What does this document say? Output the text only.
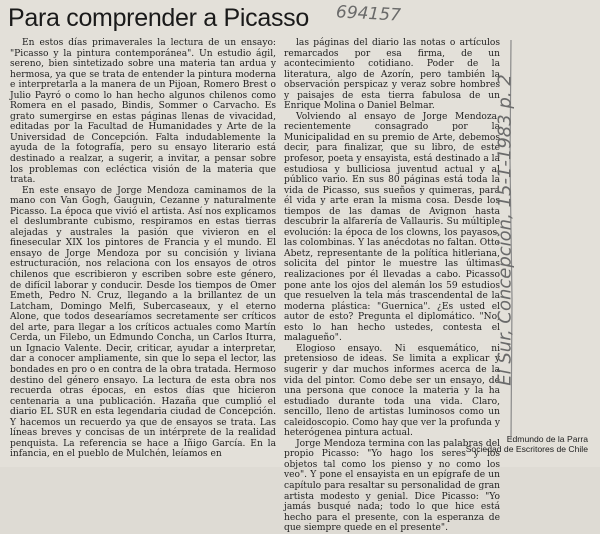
Para comprender a Picasso 694157

En estos días primaverales la lectura de un ensayo: "Picasso y la pintura contemporánea". Un estudio ágil, sereno, bien sintetizado sobre una materia tan ardua y hermosa, ya que se trata de entender la pintura moderna e interpretarla a la manera de un Pijoan, Romero Brest o Julio Payró o como lo han hecho algunos chilenos como Romera en el pasado, Bindis, Sommer o Carvacho. Es grato sumergirse en estas páginas llenas de vivacidad, editadas por la Facultad de Humanidades y Arte de la Universidad de Concepción. Falta indudablemente la ayuda de la fotografía, pero su ensayo literario está destinado a realzar, a sugerir, a invitar, a pensar sobre los problemas con ecléctica visión de la materia que trata.

En este ensayo de Jorge Mendoza caminamos de la mano con Van Gogh, Gauguin, Cezanne y naturalmente Picasso. La época que vivió el artista. Así nos explicamos el deslumbrante cubismo, respiramos en estas tierras alejadas y australes la pasión que vivieron en el finesecular XIX los pintores de Francia y el mundo. El ensayo de Jorge Mendoza por su concisión y liviana estructuración, nos relaciona con los ensayos de otros chilenos que escribieron y escriben sobre este género, de difícil laborar y conducir. Desde los tiempos de Omer Emeth, Pedro N. Cruz, llegando a la brillantez de un Latcham, Domingo Melfi, Subercaseaux, y el eterno Alone, que todos desearíamos secretamente ser críticos del arte, para llegar a los críticos actuales como Martín Cerda, un Filebo, un Edmundo Concha, un Carlos Iturra, un Ignacio Valente. Decir, criticar, ayudar a interpretar, dar a conocer ampliamente, sin que lo sepa el lector, las bondades en pro o en contra de la obra tratada. Hermoso destino del género ensayo. La lectura de esta obra nos recuerda otras épocas, en estos días que hicieron centenaria a una publicación. Hazaña que cumplió el diario EL SUR en esta legendaria ciudad de Concepción. Y hacemos un recuerdo ya que de ensayos se trata. Las líneas breves y concisas de un intérprete de la realidad penquista. La referencia se hace a Iñigo García. En la infancia, en el pueblo de Mulchén, leíamos en

las páginas del diario las notas o artículos remarcados por esa firma, de un acontecimiento cotidiano. Poder de la literatura, algo de Azorín, pero también la observación perspicaz y veraz sobre hombres y paisajes de esta tierra fabulosa de un Enrique Molina o Daniel Belmar.

Volviendo al ensayo de Jorge Mendoza, recientemente consagrado por la Municipalidad en su premio de Arte, debemos decir, para finalizar, que su libro, de este profesor, poeta y ensayista, está destinado a la estudiosa y bulliciosa juventud actual y al público vario. En sus 80 páginas está toda la vida de Picasso, sus sueños y quimeras, para él vida y arte eran la misma cosa. Desde los tiempos de las damas de Avignon hasta descubrir la alfarería de Vallauris. Su múltiple evolución: la época de los clowns, los payasos, las colombinas. Y las anécdotas no faltan. Otto Abetz, representante de la política hitleriana, solicita del pintor le muestre las últimas realizaciones por él llevadas a cabo. Picasso pone ante los ojos del alemán los 59 estudios que resuelven la tela más trascendental de la moderna plástica: "Guernica". ¿Es usted el autor de esto? Pregunta el diplomático. "No, esto lo han hecho ustedes, contesta el malagueño".

Elogioso ensayo. Ni esquemático, ni pretensioso de ideas. Se limita a explicar y sugerir y dar muchos informes acerca de la vida del pintor. Como debe ser un ensayo, de una persona que conoce la materia y la ha estudiado durante toda una vida. Claro, sencillo, lleno de artistas luminosos como un caleidoscopio. Como hay que ver la profunda y heterógenea pintura actual.

Jorge Mendoza termina con las palabras del propio Picasso: "Yo hago los seres y los objetos tal como los pienso y no como los veo". Y pone el ensayista en un epígrafe de un capítulo para resaltar su personalidad de gran artista modesto y genial. Dice Picasso: "Yo jamás busqué nada; todo lo que hice está hecho para el presente, con la esperanza de que siempre quede en el presente".

Edmundo de la Parra
Sociedad de Escritores de Chile
El Sur, Concepción, 15-1-1983 p. 2
